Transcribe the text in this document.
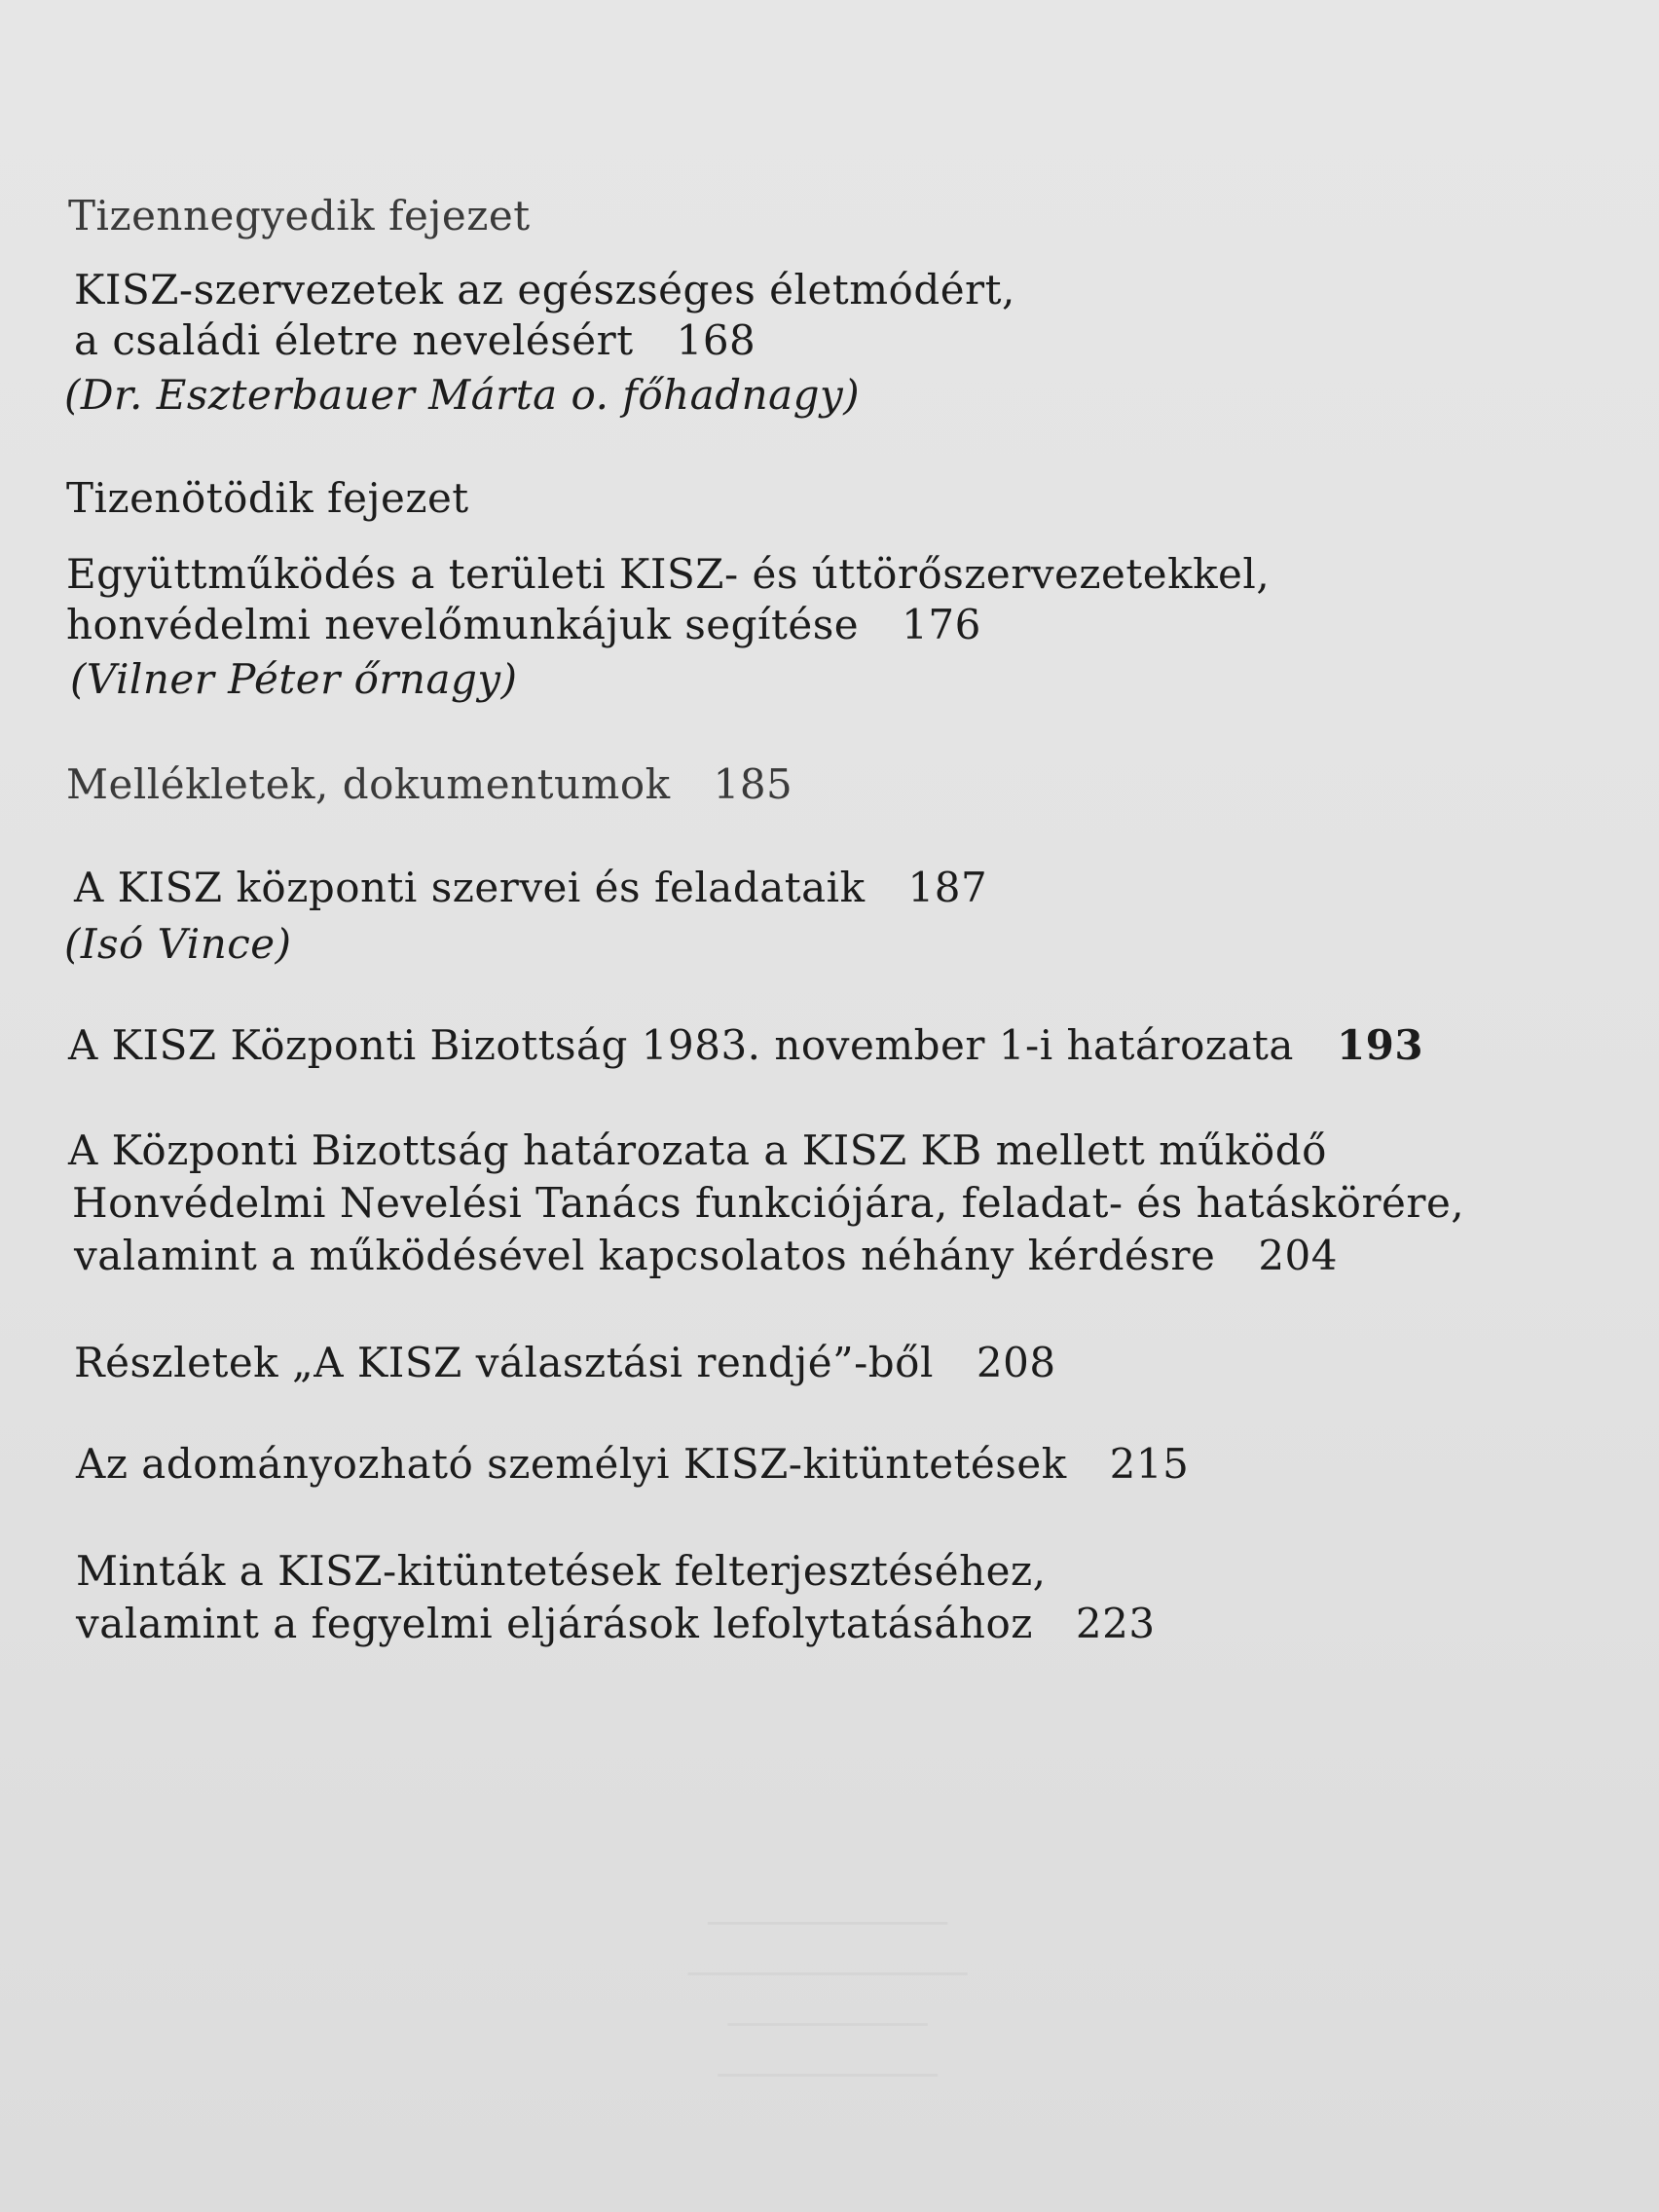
Tizennegyedik fejezet
KISZ-szervezetek az egészséges életmódért,
a családi életre nevelésért 168
(Dr. Eszterbauer Márta o. főhadnagy)
Tizenötödik fejezet
Együttműködés a területi KISZ- és úttörőszervezetekkel,
honvédelmi nevelőmunkájuk segítése 176
(Vilner Péter őrnagy)
Mellékletek, dokumentumok 185
A KISZ központi szervei és feladataik 187
(Isó Vince)
A KISZ Központi Bizottság 1983. november 1-i határozata 193
A Központi Bizottság határozata a KISZ KB mellett működő
Honvédelmi Nevelési Tanács funkciójára, feladat- és hatáskörére,
valamint a működésével kapcsolatos néhány kérdésre 204
Részletek „A KISZ választási rendjé”-ből 208
Az adományozható személyi KISZ-kitüntetések 215
Minták a KISZ-kitüntetések felterjesztéséhez,
valamint a fegyelmi eljárások lefolytatásához 223
────────────
──────────────
──────────
───────────
